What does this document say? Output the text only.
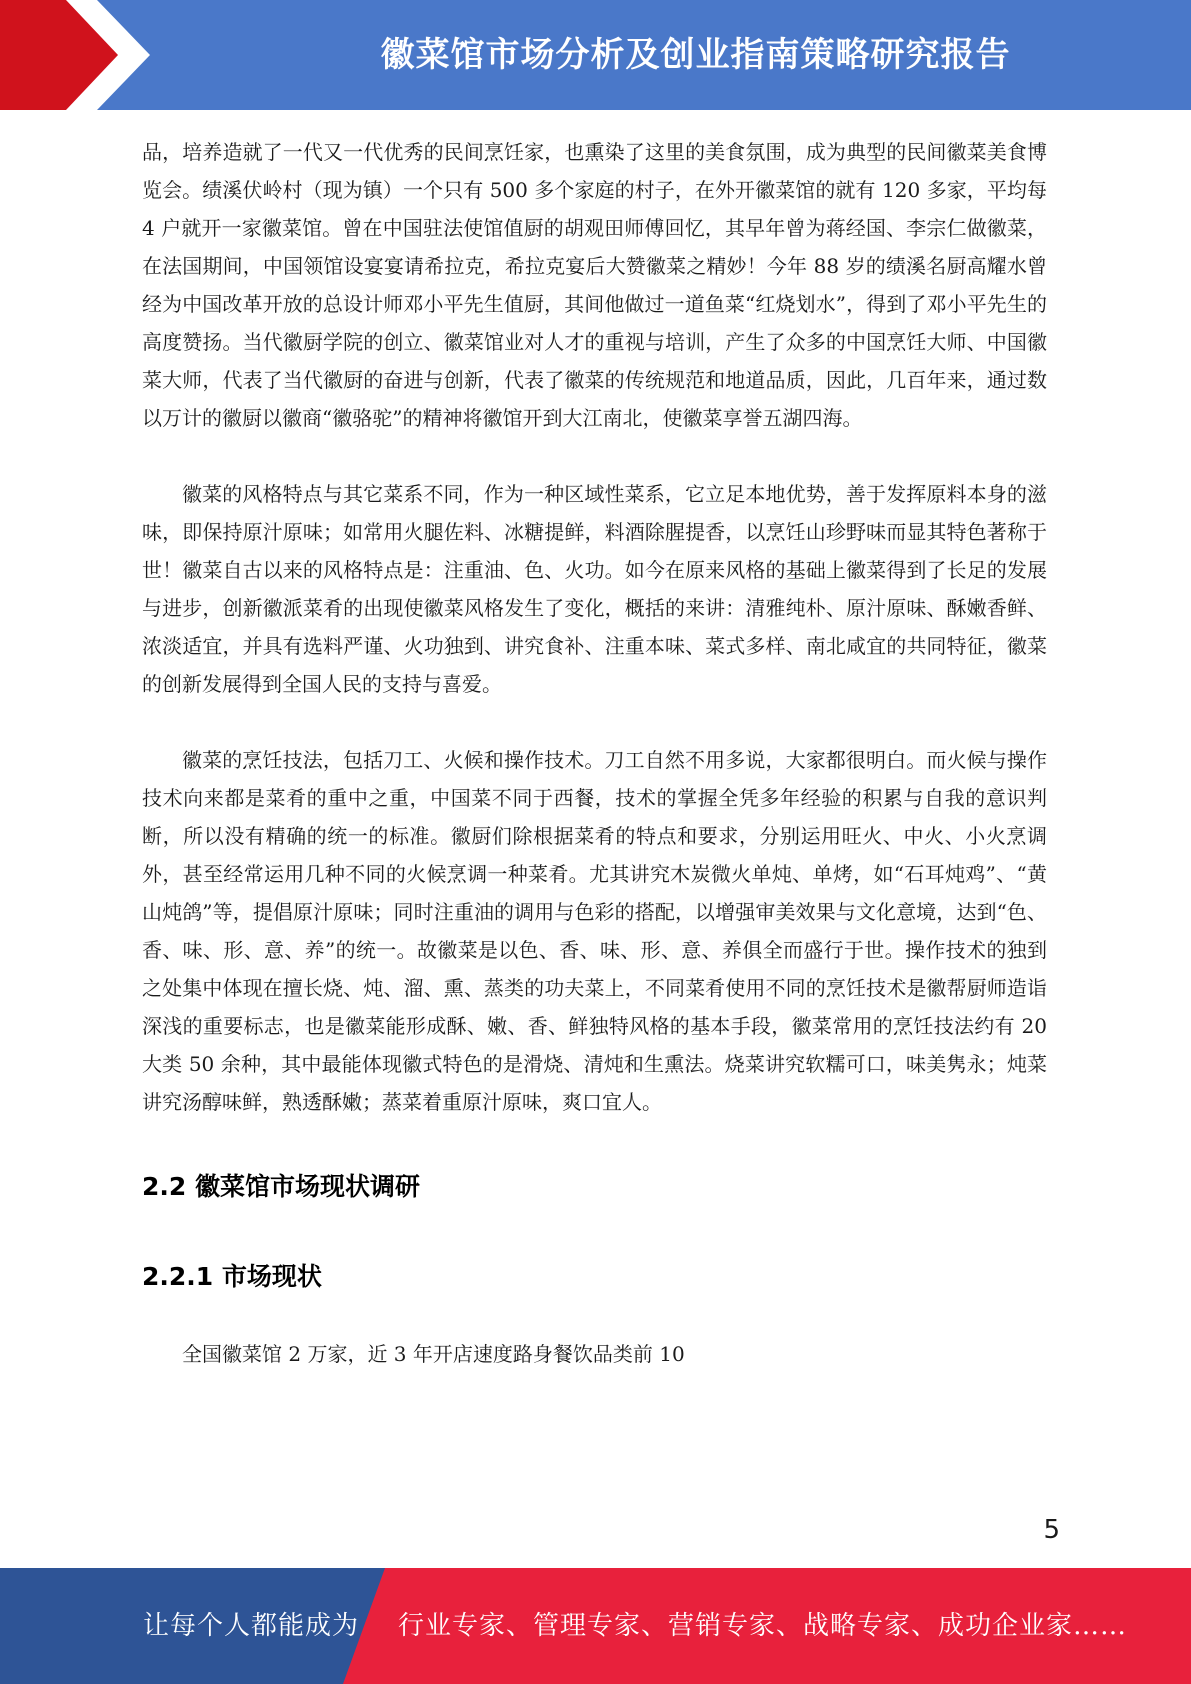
徽菜馆市场分析及创业指南策略研究报告

品，培养造就了一代又一代优秀的民间烹饪家，也熏染了这里的美食氛围，成为典型的民间徽菜美食博览会。绩溪伏岭村（现为镇）一个只有 500 多个家庭的村子，在外开徽菜馆的就有 120 多家，平均每 4 户就开一家徽菜馆。曾在中国驻法使馆值厨的胡观田师傅回忆，其早年曾为蒋经国、李宗仁做徽菜，在法国期间，中国领馆设宴宴请希拉克，希拉克宴后大赞徽菜之精妙！今年 88 岁的绩溪名厨高耀水曾经为中国改革开放的总设计师邓小平先生值厨，其间他做过一道鱼菜“红烧划水”，得到了邓小平先生的高度赞扬。当代徽厨学院的创立、徽菜馆业对人才的重视与培训，产生了众多的中国烹饪大师、中国徽菜大师，代表了当代徽厨的奋进与创新，代表了徽菜的传统规范和地道品质，因此，几百年来，通过数以万计的徽厨以徽商“徽骆驼”的精神将徽馆开到大江南北，使徽菜享誉五湖四海。

徽菜的风格特点与其它菜系不同，作为一种区域性菜系，它立足本地优势，善于发挥原料本身的滋味，即保持原汁原味；如常用火腿佐料、冰糖提鲜，料酒除腥提香，以烹饪山珍野味而显其特色著称于世！徽菜自古以来的风格特点是：注重油、色、火功。如今在原来风格的基础上徽菜得到了长足的发展与进步，创新徽派菜肴的出现使徽菜风格发生了变化，概括的来讲：清雅纯朴、原汁原味、酥嫩香鲜、浓淡适宜，并具有选料严谨、火功独到、讲究食补、注重本味、菜式多样、南北咸宜的共同特征，徽菜的创新发展得到全国人民的支持与喜爱。

徽菜的烹饪技法，包括刀工、火候和操作技术。刀工自然不用多说，大家都很明白。而火候与操作技术向来都是菜肴的重中之重，中国菜不同于西餐，技术的掌握全凭多年经验的积累与自我的意识判断，所以没有精确的统一的标准。徽厨们除根据菜肴的特点和要求，分别运用旺火、中火、小火烹调外，甚至经常运用几种不同的火候烹调一种菜肴。尤其讲究木炭微火单炖、单烤，如“石耳炖鸡”、“黄山炖鸽”等，提倡原汁原味；同时注重油的调用与色彩的搭配，以增强审美效果与文化意境，达到“色、香、味、形、意、养”的统一。故徽菜是以色、香、味、形、意、养俱全而盛行于世。操作技术的独到之处集中体现在擅长烧、炖、溜、熏、蒸类的功夫菜上，不同菜肴使用不同的烹饪技术是徽帮厨师造诣深浅的重要标志，也是徽菜能形成酥、嫩、香、鲜独特风格的基本手段，徽菜常用的烹饪技法约有 20 大类 50 余种，其中最能体现徽式特色的是滑烧、清炖和生熏法。烧菜讲究软糯可口，味美隽永；炖菜讲究汤醇味鲜，熟透酥嫩；蒸菜着重原汁原味，爽口宜人。

2.2 徽菜馆市场现状调研
2.2.1 市场现状

全国徽菜馆 2 万家，近 3 年开店速度路身餐饮品类前 10

5
让每个人都能成为 行业专家、管理专家、营销专家、战略专家、成功企业家……
